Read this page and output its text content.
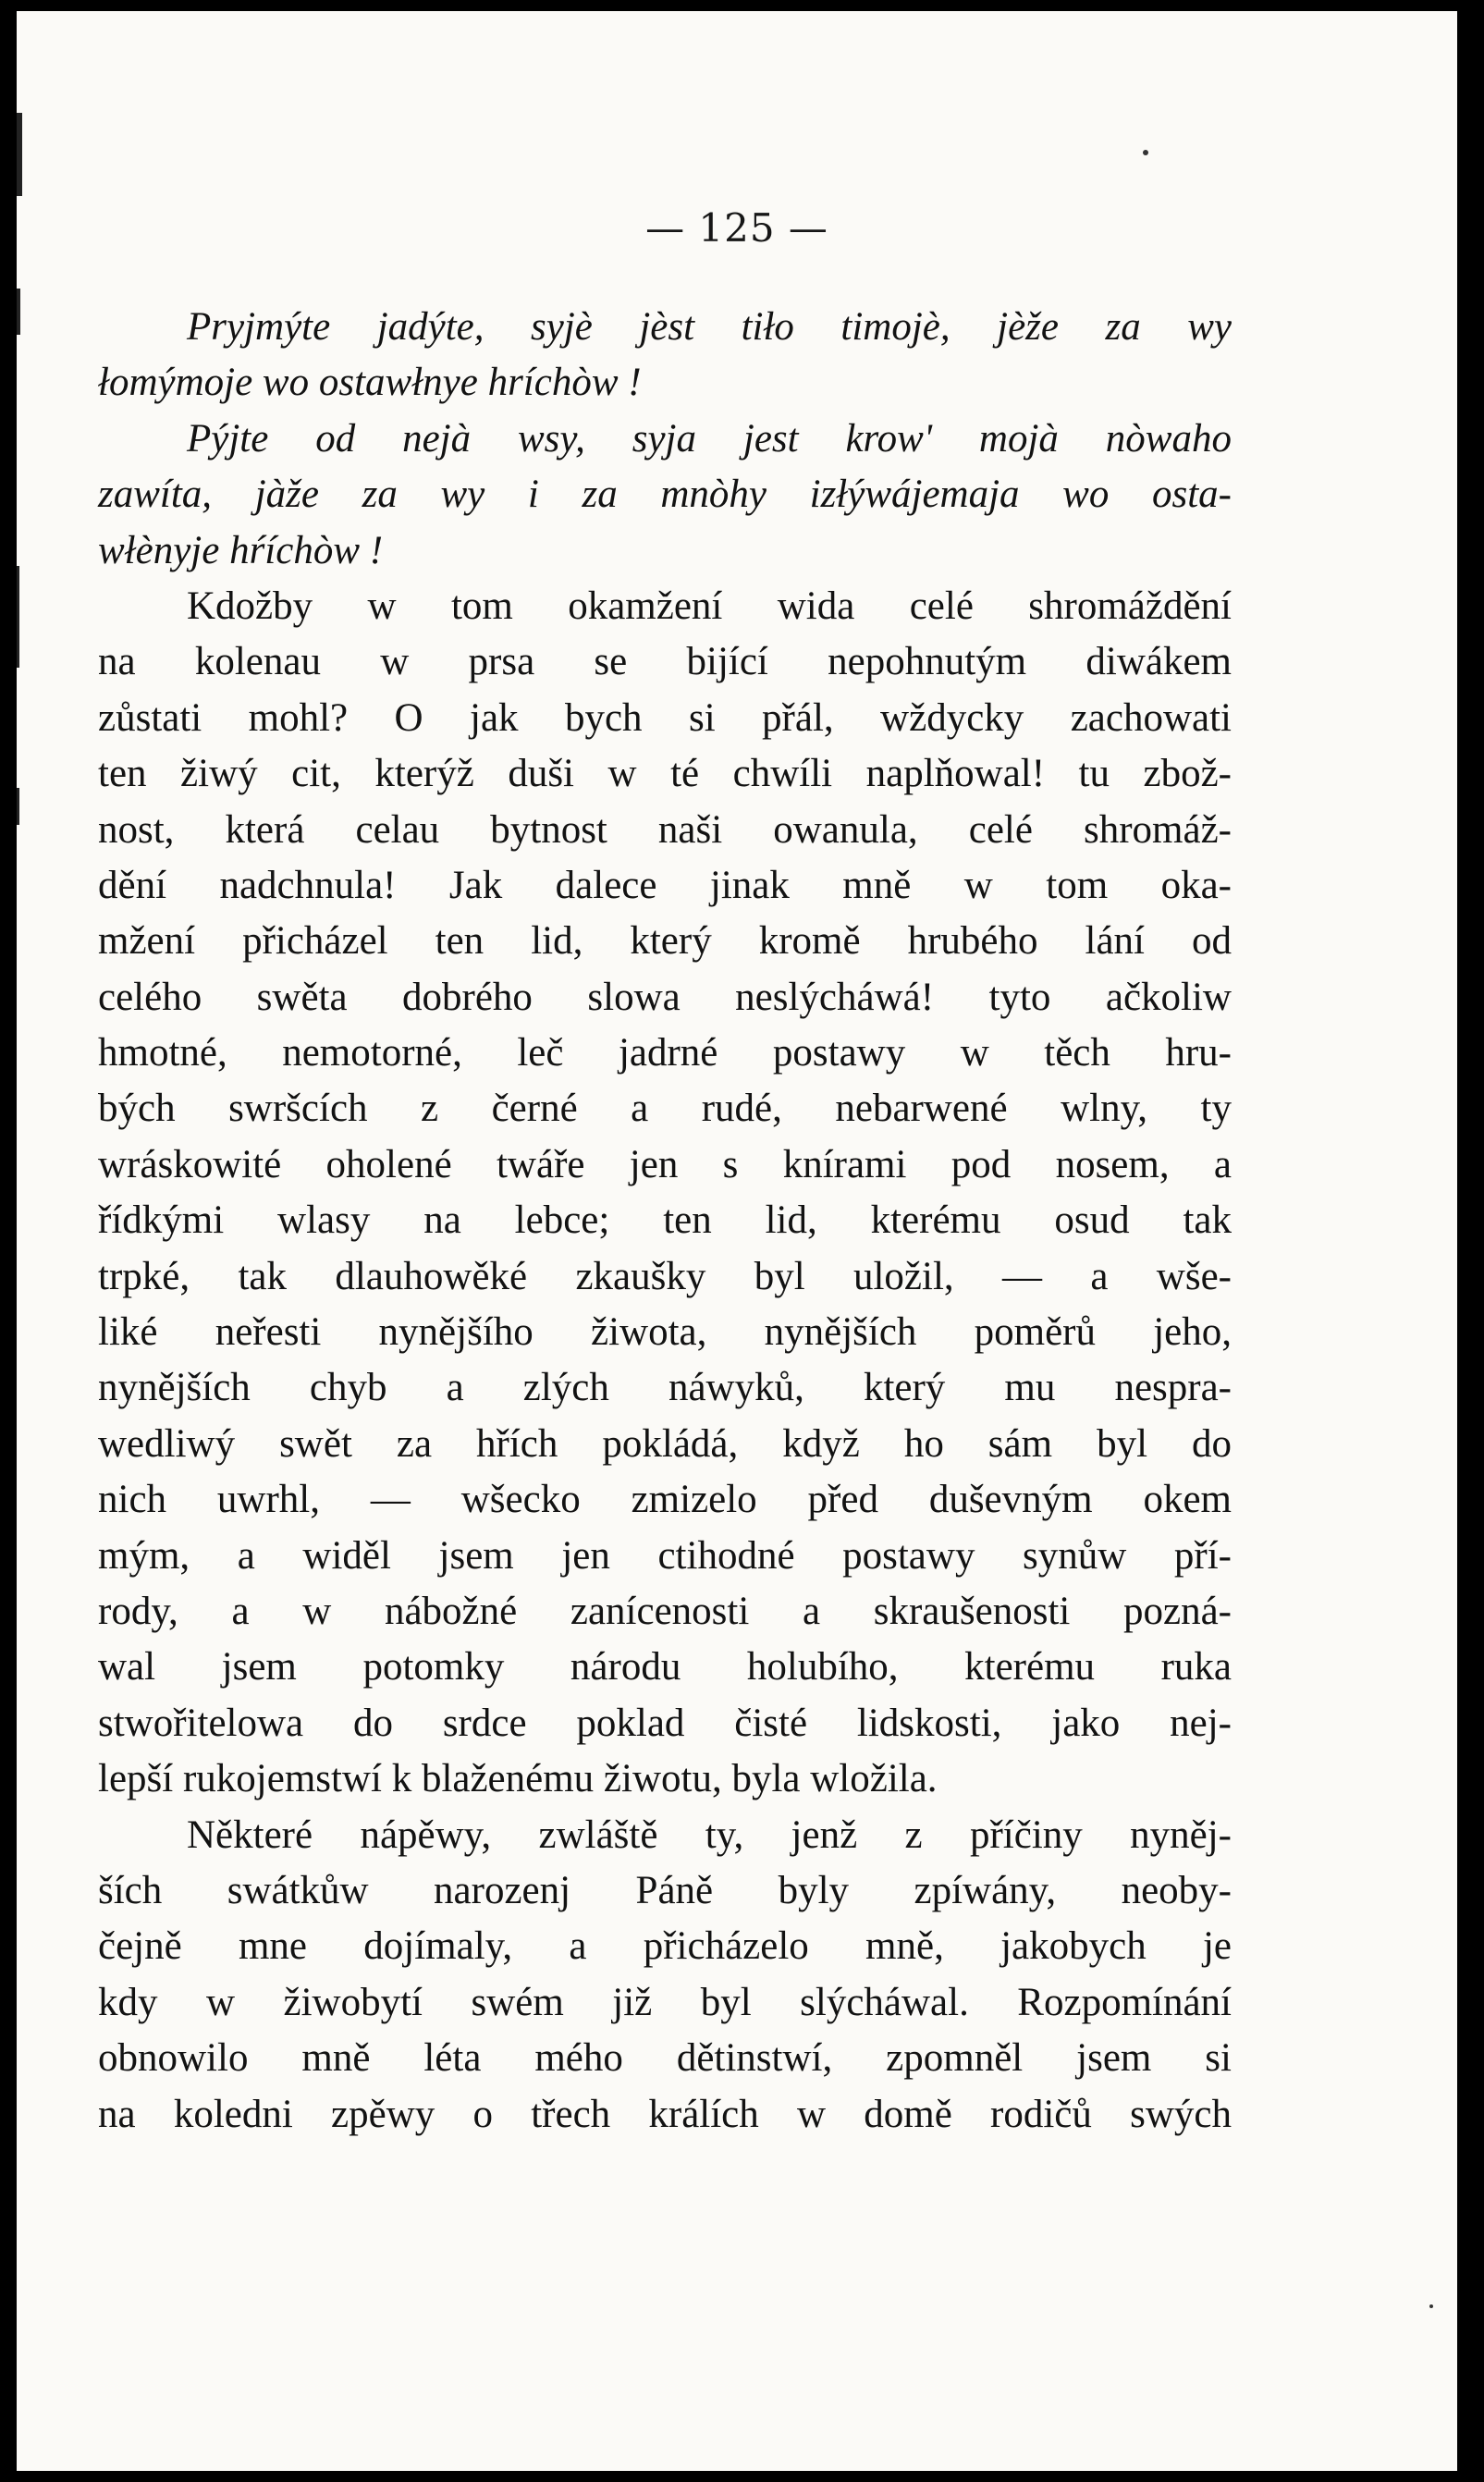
— 125 —
Pryjmýte jadýte, syjè jèst tiło timojè, jèže za wy
łomýmoje wo ostawłnye hríchòw !
Pýjte od nejà wsy, syja jest krow' mojà nòwaho
zawíta, jàže za wy i za mnòhy izłýwájemaja wo osta-
włènyje hŕíchòw !
Kdožby w tom okamžení wida celé shromáždění
na kolenau w prsa se bijící nepohnutým diwákem
zůstati mohl? O jak bych si přál, wždycky zachowati
ten žiwý cit, kterýž duši w té chwíli naplňowal! tu zbož-
nost, která celau bytnost naši owanula, celé shromáž-
dění nadchnula! Jak dalece jinak mně w tom oka-
mžení přicházel ten lid, který kromě hrubého lání od
celého swěta dobrého slowa neslýcháwá! tyto ačkoliw
hmotné, nemotorné, leč jadrné postawy w těch hru-
bých swršcích z černé a rudé, nebarwené wlny, ty
wráskowité oholené twáře jen s knírami pod nosem, a
řídkými wlasy na lebce; ten lid, kterému osud tak
trpké, tak dlauhowěké zkaušky byl uložil, — a wše-
liké neřesti nynějšího žiwota, nynějších poměrů jeho,
nynějších chyb a zlých náwyků, který mu nespra-
wedliwý swět za hřích pokládá, když ho sám byl do
nich uwrhl, — wšecko zmizelo před duševným okem
mým, a widěl jsem jen ctihodné postawy synůw pří-
rody, a w nábožné zanícenosti a skraušenosti pozná-
wal jsem potomky národu holubího, kterému ruka
stwořitelowa do srdce poklad čisté lidskosti, jako nej-
lepší rukojemstwí k blaženému žiwotu, byla wložila.
Některé nápěwy, zwláště ty, jenž z příčiny nyněj-
ších swátkůw narozenj Páně byly zpíwány, neoby-
čejně mne dojímaly, a přicházelo mně, jakobych je
kdy w žiwobytí swém již byl slýcháwal. Rozpomínání
obnowilo mně léta mého dětinstwí, zpomněl jsem si
na koledni zpěwy o třech králích w domě rodičů swých
